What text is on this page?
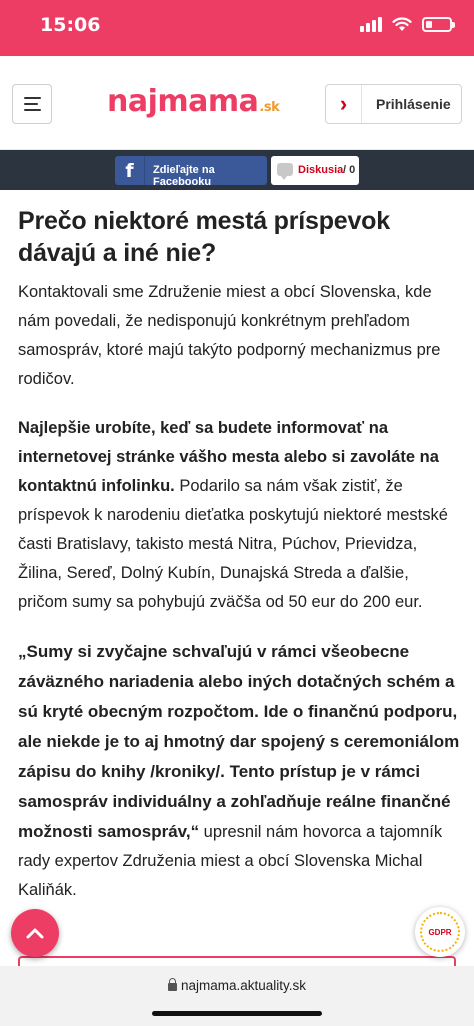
15:06
najmama.sk	›	Prihlásenie
f	Zdieľajte na Facebooku
Diskusia / 0
Prečo niektoré mestá príspevok dávajú a iné nie?

Kontaktovali sme Združenie miest a obcí Slovenska, kde nám povedali, že nedisponujú konkrétnym prehľadom samospráv, ktoré majú takýto podporný mechanizmus pre rodičov.

Najlepšie urobíte, keď sa budete informovať na internetovej stránke vášho mesta alebo si zavoláte na kontaktnú infolinku. Podarilo sa nám však zistiť, že príspevok k narodeniu dieťatka poskytujú niektoré mestské časti Bratislavy, takisto mestá Nitra, Púchov, Prievidza, Žilina, Sereď, Dolný Kubín, Dunajská Streda a ďalšie, pričom sumy sa pohybujú zväčša od 50 eur do 200 eur.

„Sumy si zvyčajne schvaľujú v rámci všeobecne záväzného nariadenia alebo iných dotačných schém a sú kryté obecným rozpočtom. Ide o finančnú podporu, ale niekde je to aj hmotný dar spojený s ceremoniálom zápisu do knihy /kroniky/. Tento prístup je v rámci samospráv individuálny a zohľadňuje reálne finančné možnosti samospráv,“ upresnil nám hovorca a tajomník rady expertov Združenia miest a obcí Slovenska Michal Kaliňák.

GDPR
najmama.aktuality.sk
